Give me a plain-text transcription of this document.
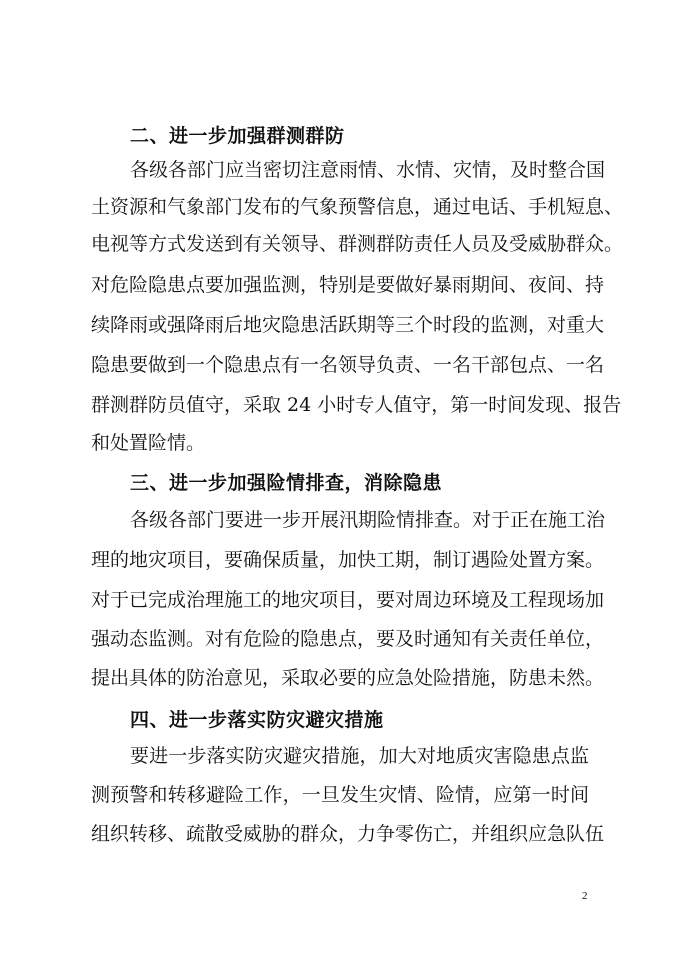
二、进一步加强群测群防
各级各部门应当密切注意雨情、水情、灾情，及时整合国
土资源和气象部门发布的气象预警信息，通过电话、手机短息、
电视等方式发送到有关领导、群测群防责任人员及受威胁群众。
对危险隐患点要加强监测，特别是要做好暴雨期间、夜间、持
续降雨或强降雨后地灾隐患活跃期等三个时段的监测，对重大
隐患要做到一个隐患点有一名领导负责、一名干部包点、一名
群测群防员值守，采取 24 小时专人值守，第一时间发现、报告
和处置险情。
三、进一步加强险情排查，消除隐患
各级各部门要进一步开展汛期险情排查。对于正在施工治
理的地灾项目，要确保质量，加快工期，制订遇险处置方案。
对于已完成治理施工的地灾项目，要对周边环境及工程现场加
强动态监测。对有危险的隐患点，要及时通知有关责任单位，
提出具体的防治意见，采取必要的应急处险措施，防患未然。
四、进一步落实防灾避灾措施
要进一步落实防灾避灾措施，加大对地质灾害隐患点监
测预警和转移避险工作，一旦发生灾情、险情，应第一时间
组织转移、疏散受威胁的群众，力争零伤亡，并组织应急队伍
2
